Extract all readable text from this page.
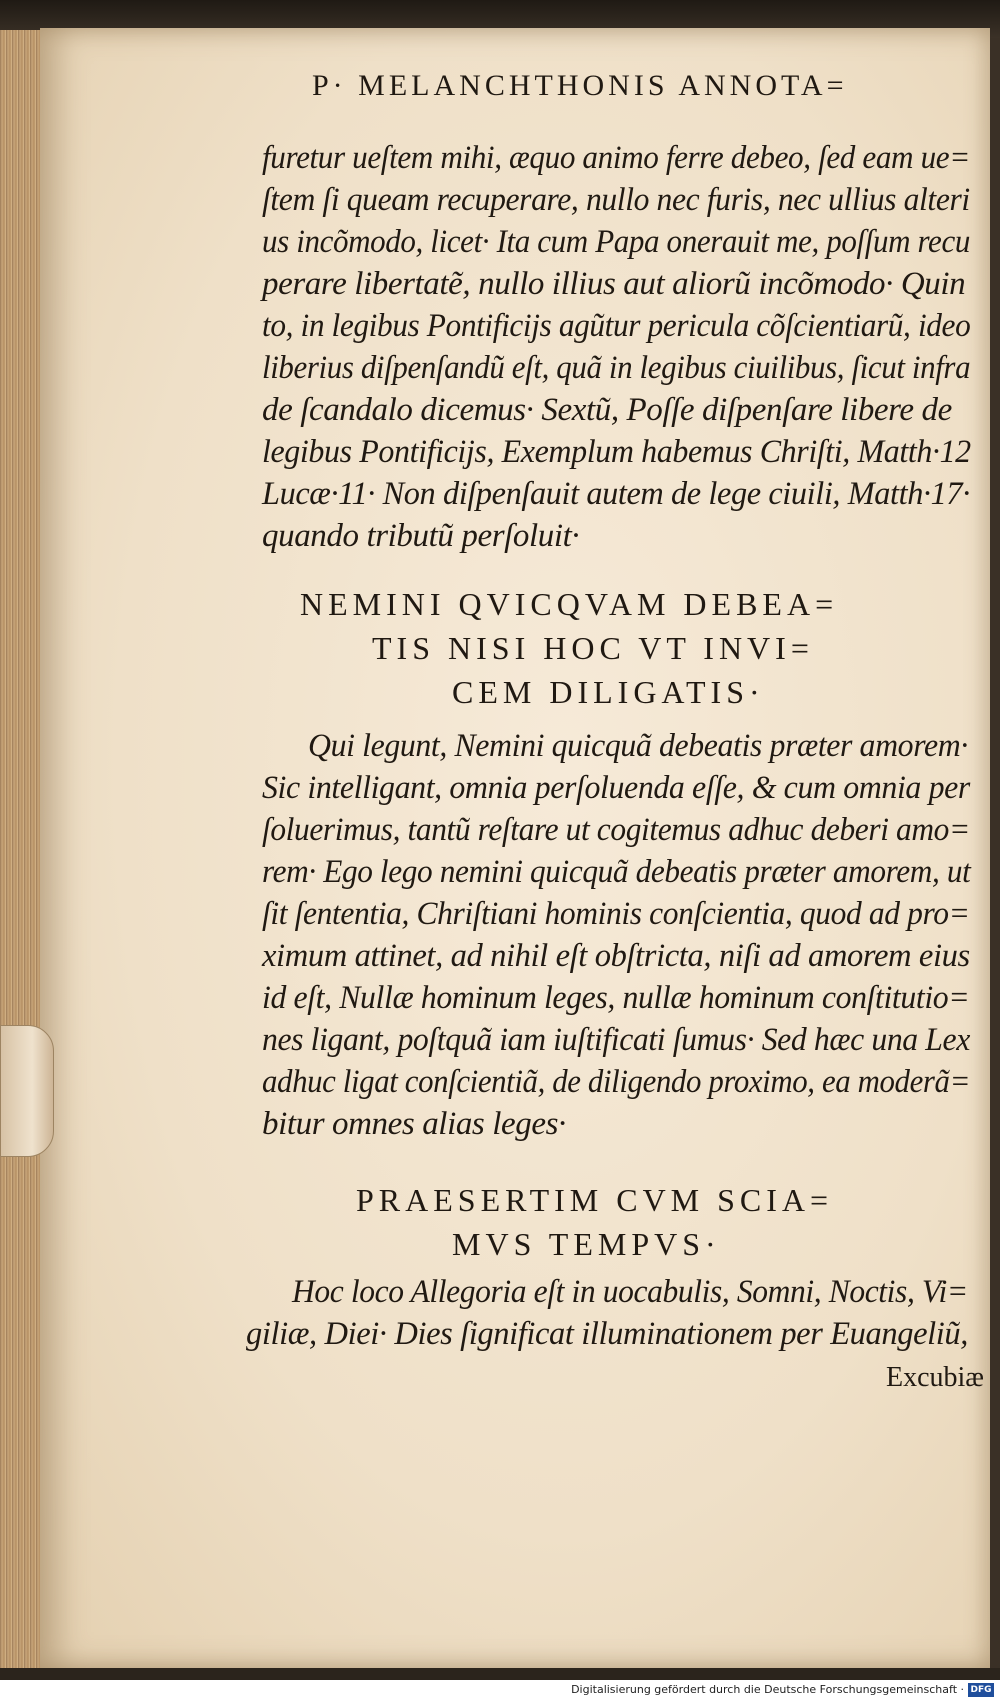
Digitalisierung gefördert durch die Deutsche Forschungsgemeinschaft · DFG
P· MELANCHTHONIS ANNOTA=
furetur ueſtem mihi, æquo animo ferre debeo, ſed eam ue=
ſtem ſi queam recuperare, nullo nec furis, nec ullius alteri
us incõmodo, licet· Ita cum Papa onerauit me, poſſum recu
perare libertatẽ, nullo illius aut aliorũ incõmodo· Quin
to, in legibus Pontificijs agũtur pericula cõſcientiarũ, ideo
liberius diſpenſandũ eſt, quã in legibus ciuilibus, ſicut infra
de ſcandalo dicemus· Sextũ, Poſſe diſpenſare libere de
legibus Pontificijs, Exemplum habemus Chriſti, Matth·12
Lucæ·11· Non diſpenſauit autem de lege ciuili, Matth·17·
quando tributũ perſoluit·
NEMINI QVICQVAM DEBEA=
TIS NISI HOC VT INVI=
CEM DILIGATIS·
Qui legunt, Nemini quicquã debeatis præter amorem·
Sic intelligant, omnia perſoluenda eſſe, & cum omnia per
ſoluerimus, tantũ reſtare ut cogitemus adhuc deberi amo=
rem· Ego lego nemini quicquã debeatis præter amorem, ut
ſit ſententia, Chriſtiani hominis conſcientia, quod ad pro=
ximum attinet, ad nihil eſt obſtricta, niſi ad amorem eius
id eſt, Nullæ hominum leges, nullæ hominum conſtitutio=
nes ligant, poſtquã iam iuſtificati ſumus· Sed hæc una Lex
adhuc ligat conſcientiã, de diligendo proximo, ea moderã=
bitur omnes alias leges·
PRAESERTIM CVM SCIA=
MVS TEMPVS·
Hoc loco Allegoria eſt in uocabulis, Somni, Noctis, Vi=
giliæ, Diei· Dies ſignificat illuminationem per Euangeliũ,
Excubiæ
